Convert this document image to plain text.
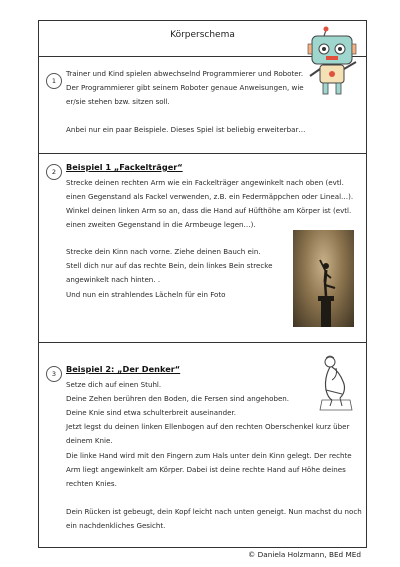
Körperschema
1
Trainer und Kind spielen abwechselnd Programmierer und Roboter.
Der Programmierer gibt seinem Roboter genaue Anweisungen, wie
er/sie stehen bzw. sitzen soll.
Anbei nur ein paar Beispiele. Dieses Spiel ist beliebig erweiterbar…
2	Beispiel 1 „Fackelträger“
Strecke deinen rechten Arm wie ein Fackelträger angewinkelt nach oben (evtl.
einen Gegenstand als Fackel verwenden, z.B. ein Federmäppchen oder Lineal…).
Winkel deinen linken Arm so an, dass die Hand auf Hüfthöhe am Körper ist (evtl.
einen zweiten Gegenstand in die Armbeuge legen…).
Strecke dein Kinn nach vorne. Ziehe deinen Bauch ein.
Stell dich nur auf das rechte Bein, dein linkes Bein strecke
angewinkelt nach hinten. .
Und nun ein strahlendes Lächeln für ein Foto
3	Beispiel 2: „Der Denker“
Setze dich auf einen Stuhl.
Deine Zehen berühren den Boden, die Fersen sind angehoben.
Deine Knie sind etwa schulterbreit auseinander.
Jetzt legst du deinen linken Ellenbogen auf den rechten Oberschenkel kurz über
deinem Knie.
Die linke Hand wird mit den Fingern zum Hals unter dein Kinn gelegt. Der rechte
Arm liegt angewinkelt am Körper. Dabei ist deine rechte Hand auf Höhe deines
rechten Knies.
Dein Rücken ist gebeugt, dein Kopf leicht nach unten geneigt. Nun machst du noch
ein nachdenkliches Gesicht.
© Daniela Holzmann, BEd MEd
